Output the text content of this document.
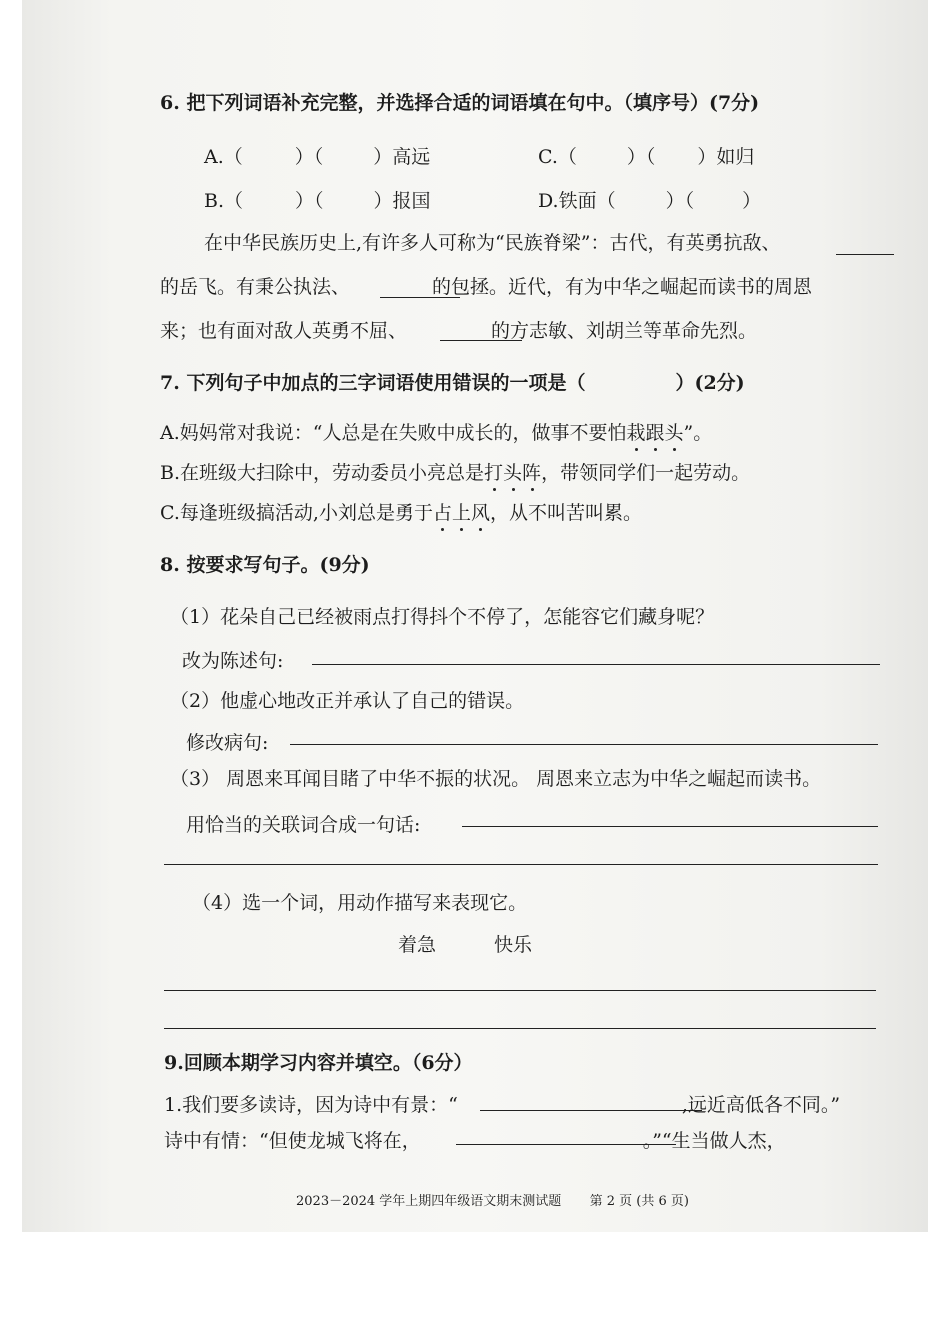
6. 把下列词语补充完整，并选择合适的词语填在句中。（填序号）(7分)
A.（	）（	）高远	C.（	）（ ）如归
B.（	）（	）报国	D.铁面（	）（	）
在中华民族历史上,有许多人可称为“民族脊梁”：古代，有英勇抗敌、
的岳飞。有秉公执法、	的包拯。近代，有为中华之崛起而读书的周恩
来；也有面对敌人英勇不屈、	的方志敏、刘胡兰等革命先烈。
7. 下列句子中加点的三字词语使用错误的一项是（	）(2分)
A.妈妈常对我说：“人总是在失败中成长的，做事不要怕栽跟头”。
B.在班级大扫除中，劳动委员小亮总是打头阵，带领同学们一起劳动。
C.每逢班级搞活动,小刘总是勇于占上风，从不叫苦叫累。
8. 按要求写句子。(9分)
（1）花朵自己已经被雨点打得抖个不停了，怎能容它们藏身呢？
改为陈述句:
（2）他虚心地改正并承认了自己的错误。
修改病句:
（3） 周恩来耳闻目睹了中华不振的状况。 周恩来立志为中华之崛起而读书。
用恰当的关联词合成一句话:
（4）选一个词，用动作描写来表现它。
着急	快乐
9.回顾本期学习内容并填空。（6分）
1.我们要多读诗，因为诗中有景：“	,远近高低各不同。”
诗中有情：“但使龙城飞将在，	。”“生当做人杰，
2023－2024 学年上期四年级语文期末测试题 第 2 页 (共 6 页)
